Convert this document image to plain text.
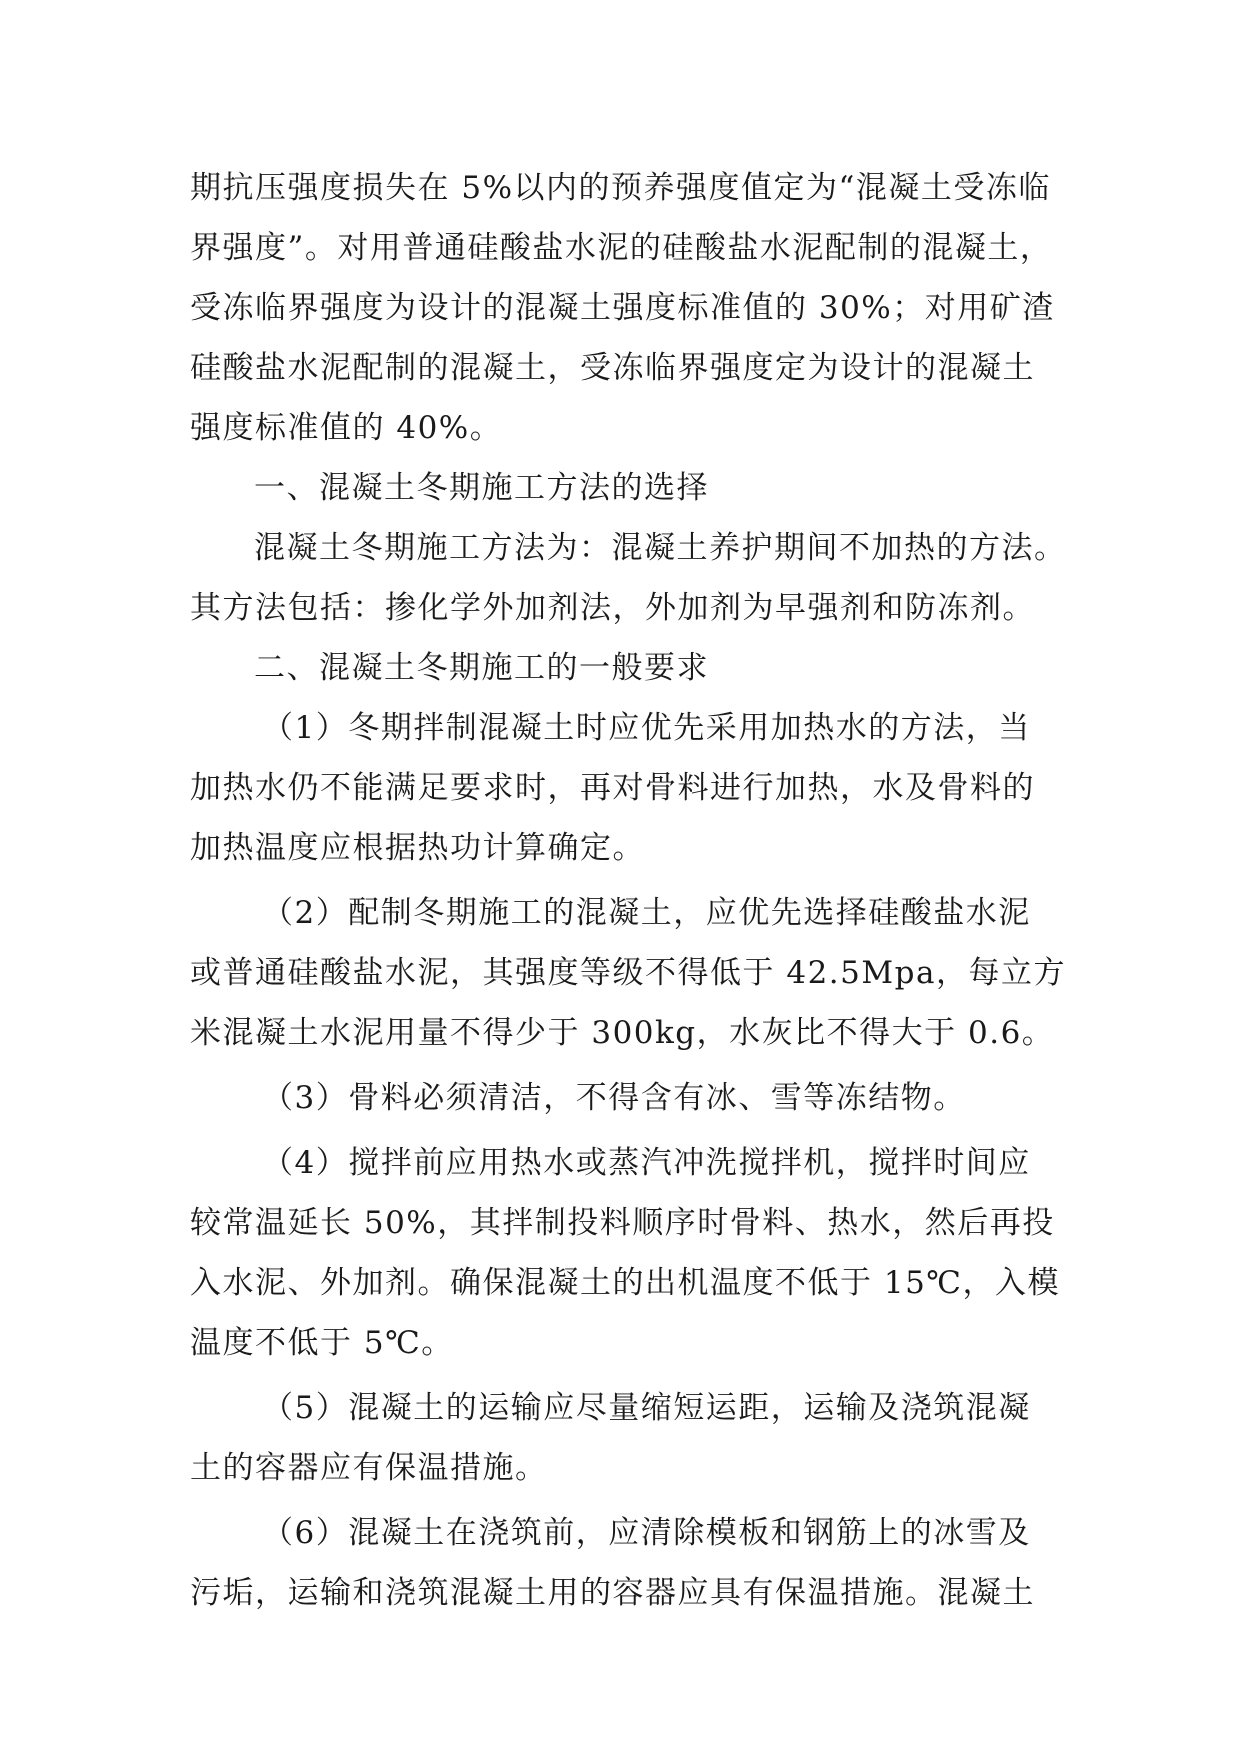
期抗压强度损失在 5%以内的预养强度值定为“混凝土受冻临
界强度”。对用普通硅酸盐水泥的硅酸盐水泥配制的混凝土，
受冻临界强度为设计的混凝土强度标准值的 30%；对用矿渣
硅酸盐水泥配制的混凝土，受冻临界强度定为设计的混凝土
强度标准值的 40%。
一、混凝土冬期施工方法的选择
混凝土冬期施工方法为：混凝土养护期间不加热的方法。
其方法包括：掺化学外加剂法，外加剂为早强剂和防冻剂。
二、混凝土冬期施工的一般要求
（1）冬期拌制混凝土时应优先采用加热水的方法，当
加热水仍不能满足要求时，再对骨料进行加热，水及骨料的
加热温度应根据热功计算确定。
（2）配制冬期施工的混凝土，应优先选择硅酸盐水泥
或普通硅酸盐水泥，其强度等级不得低于 42.5Mpa，每立方
米混凝土水泥用量不得少于 300kg，水灰比不得大于 0.6。
（3）骨料必须清洁，不得含有冰、雪等冻结物。
（4）搅拌前应用热水或蒸汽冲洗搅拌机，搅拌时间应
较常温延长 50%，其拌制投料顺序时骨料、热水，然后再投
入水泥、外加剂。确保混凝土的出机温度不低于 15℃，入模
温度不低于 5℃。
（5）混凝土的运输应尽量缩短运距，运输及浇筑混凝
土的容器应有保温措施。
（6）混凝土在浇筑前，应清除模板和钢筋上的冰雪及
污垢，运输和浇筑混凝土用的容器应具有保温措施。混凝土
